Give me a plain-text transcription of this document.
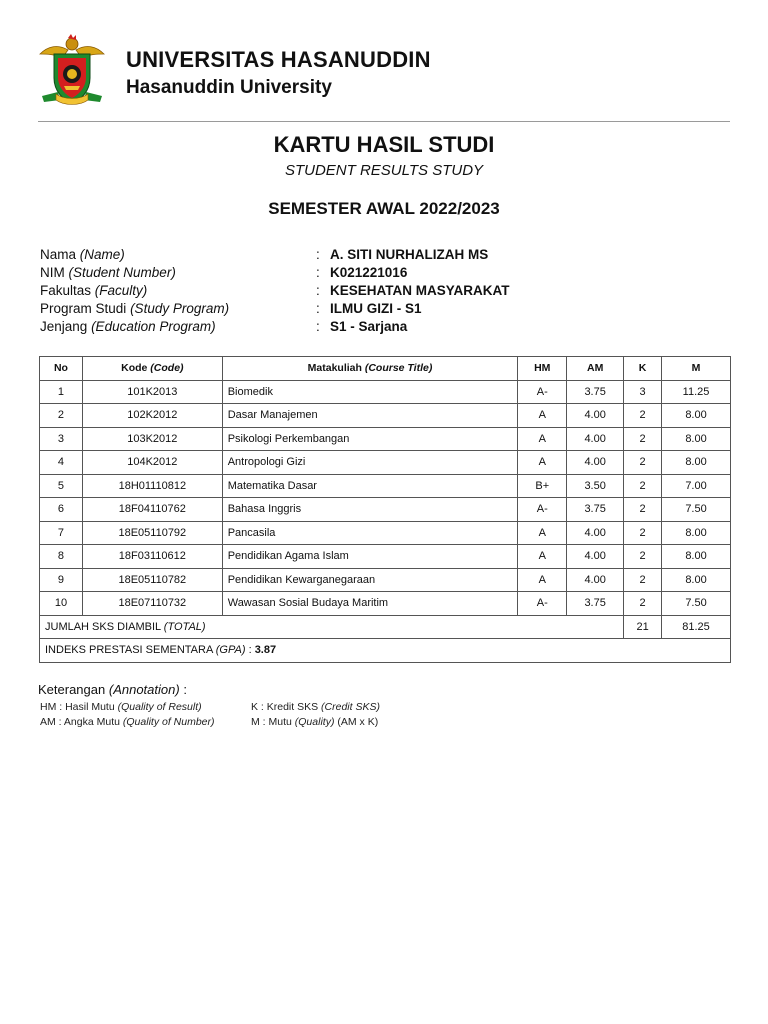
UNIVERSITAS HASANUDDIN
Hasanuddin University
KARTU HASIL STUDI
STUDENT RESULTS STUDY
SEMESTER AWAL 2022/2023
Nama (Name)	: A. SITI NURHALIZAH MS
NIM (Student Number)	: K021221016
Fakultas (Faculty)	: KESEHATAN MASYARAKAT
Program Studi (Study Program)	: ILMU GIZI - S1
Jenjang (Education Program)	: S1 - Sarjana
No	Kode (Code)	Matakuliah (Course Title)	HM	AM	K	M
1	101K2013	Biomedik	A-	3.75	3	11.25
2	102K2012	Dasar Manajemen	A	4.00	2	8.00
3	103K2012	Psikologi Perkembangan	A	4.00	2	8.00
4	104K2012	Antropologi Gizi	A	4.00	2	8.00
5	18H01110812	Matematika Dasar	B+	3.50	2	7.00
6	18F04110762	Bahasa Inggris	A-	3.75	2	7.50
7	18E05110792	Pancasila	A	4.00	2	8.00
8	18F03110612	Pendidikan Agama Islam	A	4.00	2	8.00
9	18E05110782	Pendidikan Kewarganegaraan	A	4.00	2	8.00
10	18E07110732	Wawasan Sosial Budaya Maritim	A-	3.75	2	7.50
JUMLAH SKS DIAMBIL (TOTAL)					21	81.25
INDEKS PRESTASI SEMENTARA (GPA) : 3.87						
Keterangan (Annotation) :
HM : Hasil Mutu (Quality of Result)	K : Kredit SKS (Credit SKS)
AM : Angka Mutu (Quality of Number)	M : Mutu (Quality) (AM x K)
